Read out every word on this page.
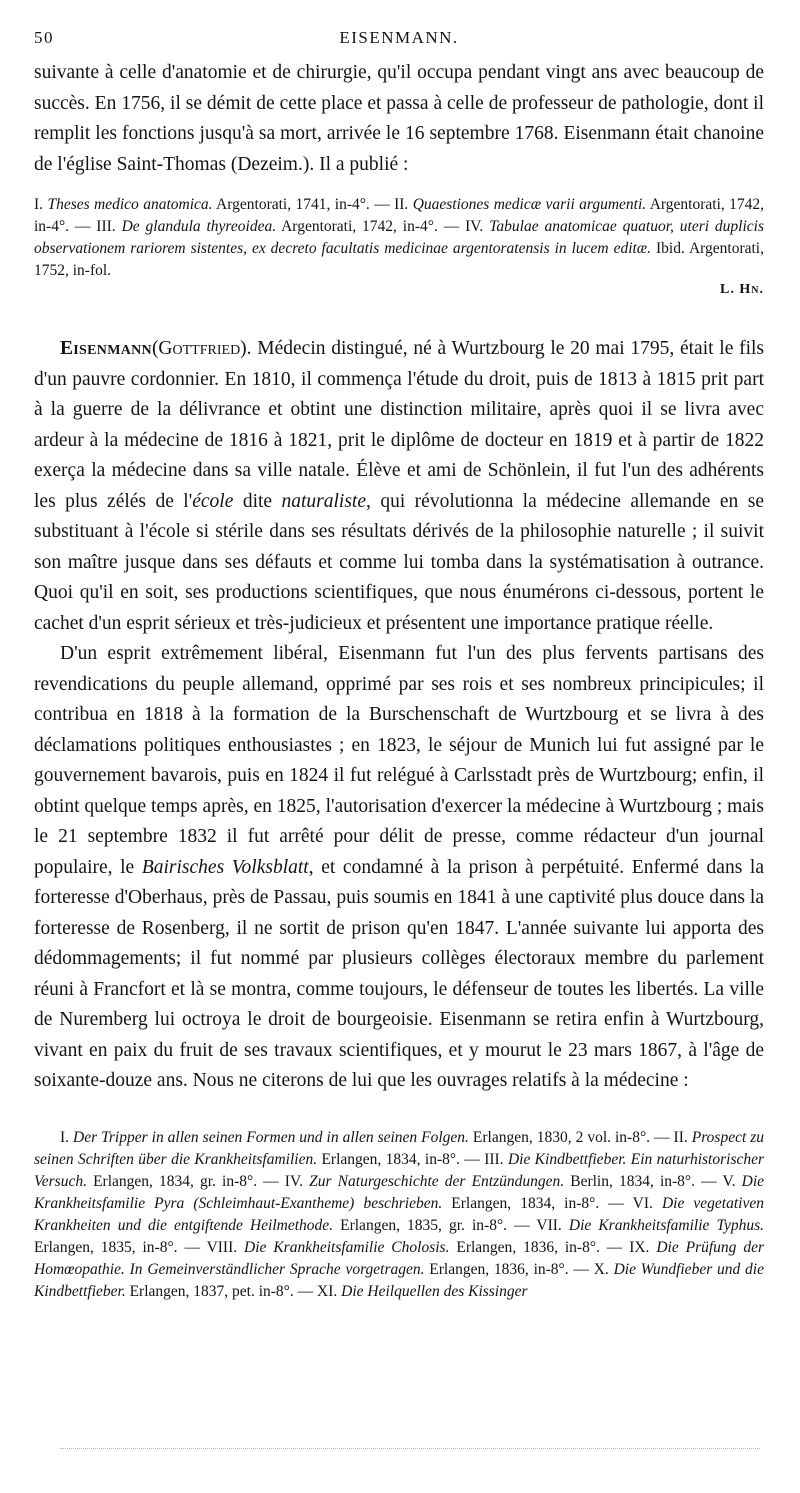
50	EISENMANN.

suivante à celle d'anatomie et de chirurgie, qu'il occupa pendant vingt ans avec beaucoup de succès. En 1756, il se démit de cette place et passa à celle de professeur de pathologie, dont il remplit les fonctions jusqu'à sa mort, arrivée le 16 septembre 1768. Eisenmann était chanoine de l'église Saint-Thomas (Dezeim.). Il a publié :

I. Theses medico anatomica. Argentorati, 1741, in-4°. — II. Quaestiones medicæ varii argumenti. Argentorati, 1742, in-4°. — III. De glandula thyreoidea. Argentorati, 1742, in-4°. — IV. Tabulae anatomicae quatuor, uteri duplicis observationem rariorem sistentes, ex decreto facultatis medicinae argentoratensis in lucem editæ. Ibid. Argentorati, 1752, in-fol.

L. Hn.

Eisenmann(Gottfried). Médecin distingué, né à Wurtzbourg le 20 mai 1795, était le fils d'un pauvre cordonnier. En 1810, il commença l'étude du droit, puis de 1813 à 1815 prit part à la guerre de la délivrance et obtint une distinction militaire, après quoi il se livra avec ardeur à la médecine de 1816 à 1821, prit le diplôme de docteur en 1819 et à partir de 1822 exerça la médecine dans sa ville natale. Élève et ami de Schönlein, il fut l'un des adhérents les plus zélés de l'école dite naturaliste, qui révolutionna la médecine allemande en se substituant à l'école si stérile dans ses résultats dérivés de la philosophie naturelle ; il suivit son maître jusque dans ses défauts et comme lui tomba dans la systématisation à outrance. Quoi qu'il en soit, ses productions scientifiques, que nous énumérons ci-dessous, portent le cachet d'un esprit sérieux et très-judicieux et présentent une importance pratique réelle.

D'un esprit extrêmement libéral, Eisenmann fut l'un des plus fervents partisans des revendications du peuple allemand, opprimé par ses rois et ses nombreux principicules; il contribua en 1818 à la formation de la Burschenschaft de Wurtzbourg et se livra à des déclamations politiques enthousiastes ; en 1823, le séjour de Munich lui fut assigné par le gouvernement bavarois, puis en 1824 il fut relégué à Carlsstadt près de Wurtzbourg; enfin, il obtint quelque temps après, en 1825, l'autorisation d'exercer la médecine à Wurtzbourg ; mais le 21 septembre 1832 il fut arrêté pour délit de presse, comme rédacteur d'un journal populaire, le Bairisches Volksblatt, et condamné à la prison à perpétuité. Enfermé dans la forteresse d'Oberhaus, près de Passau, puis soumis en 1841 à une captivité plus douce dans la forteresse de Rosenberg, il ne sortit de prison qu'en 1847. L'année suivante lui apporta des dédommagements; il fut nommé par plusieurs collèges électoraux membre du parlement réuni à Francfort et là se montra, comme toujours, le défenseur de toutes les libertés. La ville de Nuremberg lui octroya le droit de bourgeoisie. Eisenmann se retira enfin à Wurtzbourg, vivant en paix du fruit de ses travaux scientifiques, et y mourut le 23 mars 1867, à l'âge de soixante-douze ans. Nous ne citerons de lui que les ouvrages relatifs à la médecine :

I. Der Tripper in allen seinen Formen und in allen seinen Folgen. Erlangen, 1830, 2 vol. in-8°. — II. Prospect zu seinen Schriften über die Krankheitsfamilien. Erlangen, 1834, in-8°. — III. Die Kindbettfieber. Ein naturhistorischer Versuch. Erlangen, 1834, gr. in-8°. — IV. Zur Naturgeschichte der Entzündungen. Berlin, 1834, in-8°. — V. Die Krankheitsfamilie Pyra (Schleimhaut-Exantheme) beschrieben. Erlangen, 1834, in-8°. — VI. Die vegetativen Krankheiten und die entgiftende Heilmethode. Erlangen, 1835, gr. in-8°. — VII. Die Krankheitsfamilie Typhus. Erlangen, 1835, in-8°. — VIII. Die Krankheitsfamilie Cholosis. Erlangen, 1836, in-8°. — IX. Die Prüfung der Homœopathie. In Gemeinverständlicher Sprache vorgetragen. Erlangen, 1836, in-8°. — X. Die Wundfieber und die Kindbettfieber. Erlangen, 1837, pet. in-8°. — XI. Die Heilquellen des Kissinger
